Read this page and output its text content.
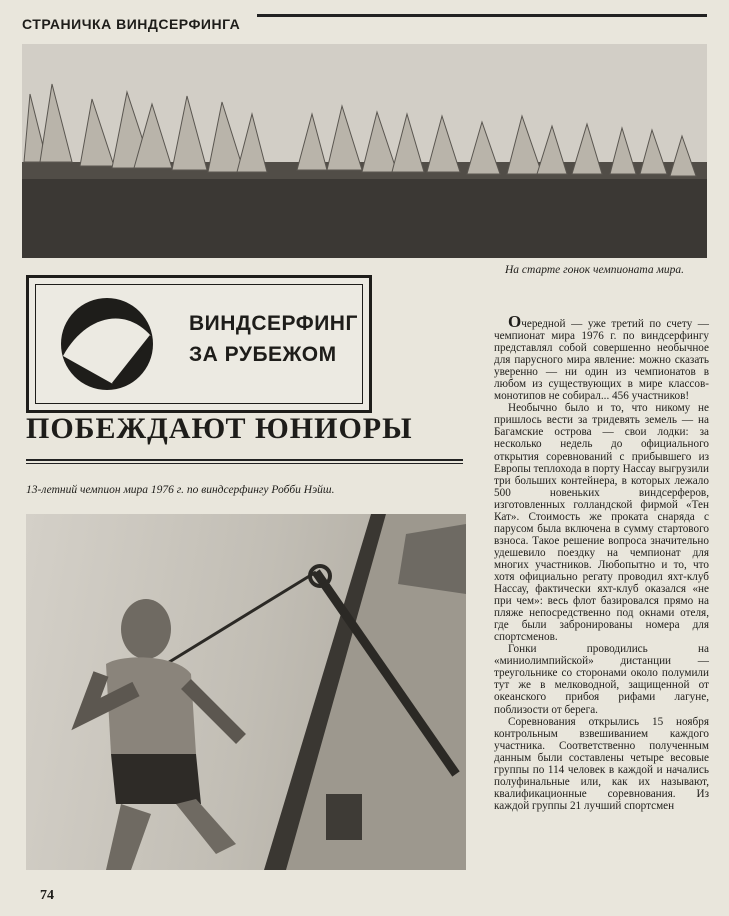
СТРАНИЧКА ВИНДСЕРФИНГА
На старте гонок чемпионата мира.
ВИНДСЕРФИНГ
ЗА РУБЕЖОМ
ПОБЕЖДАЮТ ЮНИОРЫ
13-летний чемпион мира 1976 г. по виндсерфингу Робби Нэйш.

Очередной — уже третий по счету — чемпионат мира 1976 г. по виндсерфингу представлял собой совершенно необычное для парусного мира явление: можно сказать уверенно — ни один из чемпионатов в любом из существующих в мире классов-монотипов не собирал... 456 участников!

Необычно было и то, что никому не пришлось вести за тридевять земель — на Багамские острова — свои лодки: за несколько недель до официального открытия соревнований с прибывшего из Европы теплохода в порту Нассау выгрузили три больших контейнера, в которых лежало 500 новеньких виндсерферов, изготовленных голландской фирмой «Тен Кат». Стоимость же проката снаряда с парусом была включена в сумму стартового взноса. Такое решение вопроса значительно удешевило поездку на чемпионат для многих участников. Любопытно и то, что хотя официально регату проводил яхт-клуб Нассау, фактически яхт-клуб оказался «не при чем»: весь флот базировался прямо на пляже непосредственно под окнами отеля, где были забронированы номера для спортсменов.

Гонки проводились на «миниолимпийской» дистанции — треугольнике со сторонами около полумили тут же в мелководной, защищенной от океанского прибоя рифами лагуне, поблизости от берега.

Соревнования открылись 15 ноября контрольным взвешиванием каждого участника. Соответственно полученным данным были составлены четыре весовые группы по 114 человек в каждой и начались полуфинальные или, как их называют, квалификационные соревнования. Из каждой группы 21 лучший спортсмен

74
